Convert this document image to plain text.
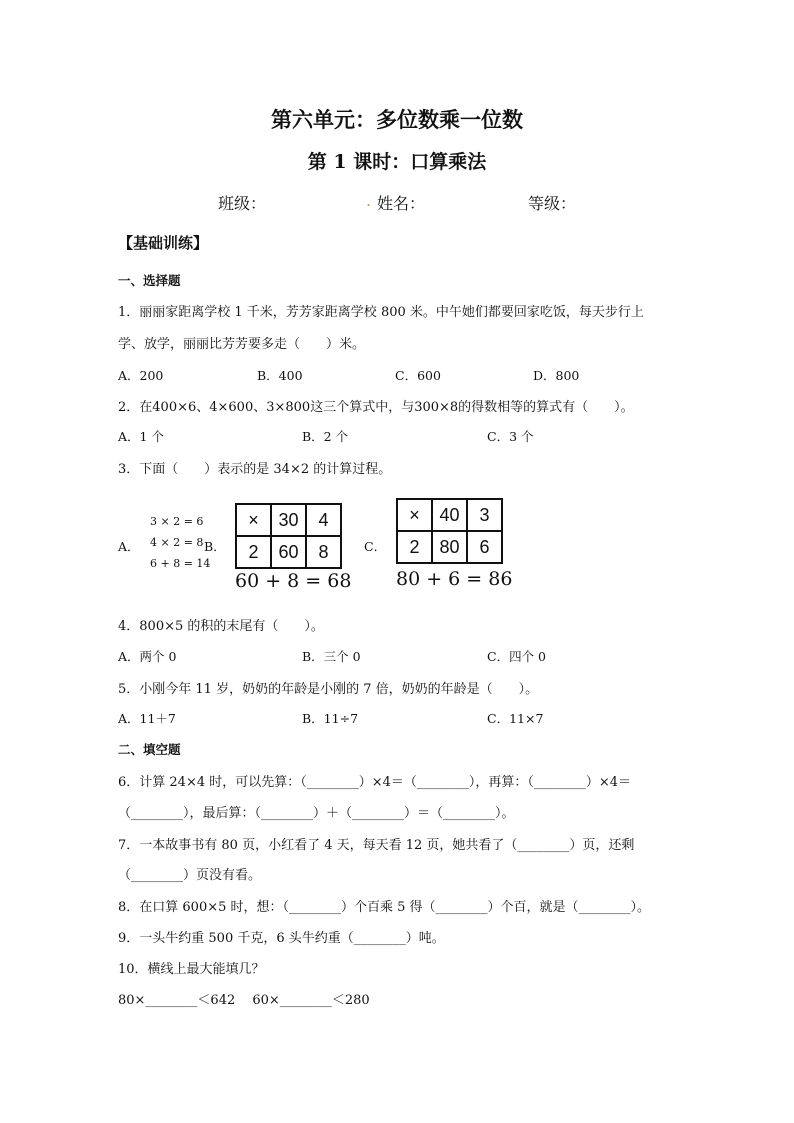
第六单元：多位数乘一位数
第 1 课时：口算乘法
班级：	. 姓名：	等级：
【基础训练】
一、选择题
1．丽丽家距离学校 1 千米，芳芳家距离学校 800 米。中午她们都要回家吃饭，每天步行上
学、放学，丽丽比芳芳要多走（　　）米。
A．200	B．400	C．600	D．800
2．在400×6、4×600、3×800这三个算式中，与300×8的得数相等的算式有（　　）。
A．1 个	B．2 个	C．3 个
3．下面（　　）表示的是 34×2 的计算过程。
A．
3 × 2 = 6
4 × 2 = 8
6 + 8 = 14
B．
×	30	4
2	60	8
60 + 8 = 68
C．
×	40	3
2	80	6
80 + 6 = 86
4．800×5 的积的末尾有（　　）。
A．两个 0	B．三个 0	C．四个 0
5．小刚今年 11 岁，奶奶的年龄是小刚的 7 倍，奶奶的年龄是（　　）。
A．11＋7	B．11÷7	C．11×7
二、填空题
6．计算 24×4 时，可以先算：（________）×4＝（________），再算：（________）×4＝
（________），最后算：（________）＋（________）＝（________）。
7．一本故事书有 80 页，小红看了 4 天，每天看 12 页，她共看了（________）页，还剩
（________）页没有看。
8．在口算 600×5 时，想：（________）个百乘 5 得（________）个百，就是（________）。
9．一头牛约重 500 千克，6 头牛约重（________）吨。
10．横线上最大能填几？
80×________＜642　 60×________＜280
